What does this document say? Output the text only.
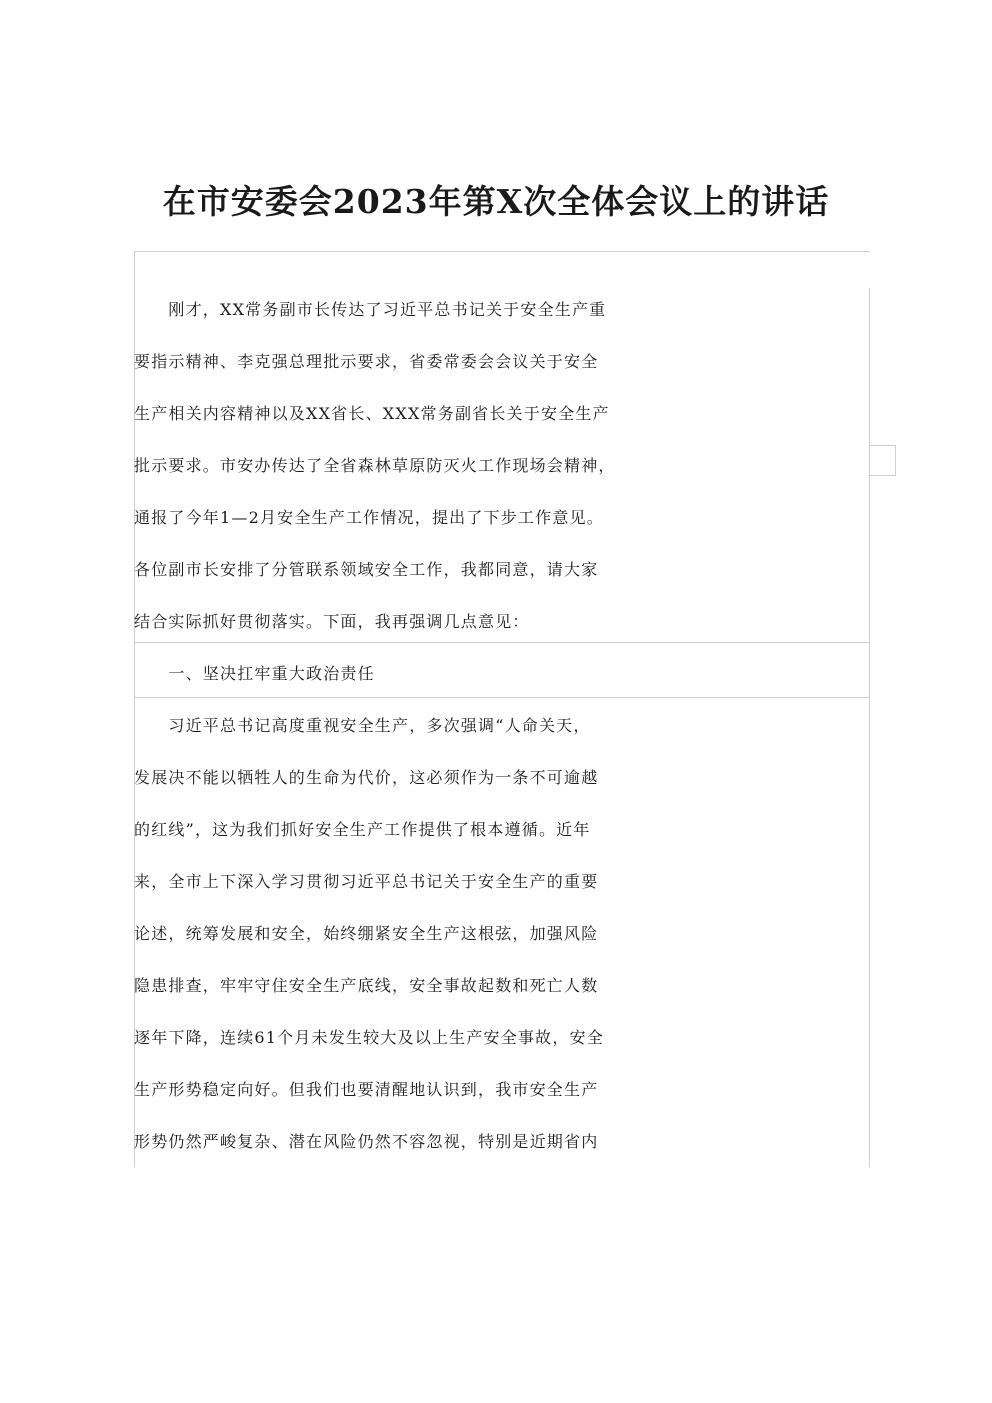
在市安委会2023年第X次全体会议上的讲话
　　刚才，XX常务副市长传达了习近平总书记关于安全生产重
要指示精神、李克强总理批示要求，省委常委会会议关于安全
生产相关内容精神以及XX省长、XXX常务副省长关于安全生产
批示要求。市安办传达了全省森林草原防灭火工作现场会精神，
通报了今年1—2月安全生产工作情况，提出了下步工作意见。
各位副市长安排了分管联系领域安全工作，我都同意，请大家
结合实际抓好贯彻落实。下面，我再强调几点意见：
　　一、坚决扛牢重大政治责任
　　习近平总书记高度重视安全生产，多次强调“人命关天，
发展决不能以牺牲人的生命为代价，这必须作为一条不可逾越
的红线”，这为我们抓好安全生产工作提供了根本遵循。近年
来，全市上下深入学习贯彻习近平总书记关于安全生产的重要
论述，统筹发展和安全，始终绷紧安全生产这根弦，加强风险
隐患排查，牢牢守住安全生产底线，安全事故起数和死亡人数
逐年下降，连续61个月未发生较大及以上生产安全事故，安全
生产形势稳定向好。但我们也要清醒地认识到，我市安全生产
形势仍然严峻复杂、潜在风险仍然不容忽视，特别是近期省内
